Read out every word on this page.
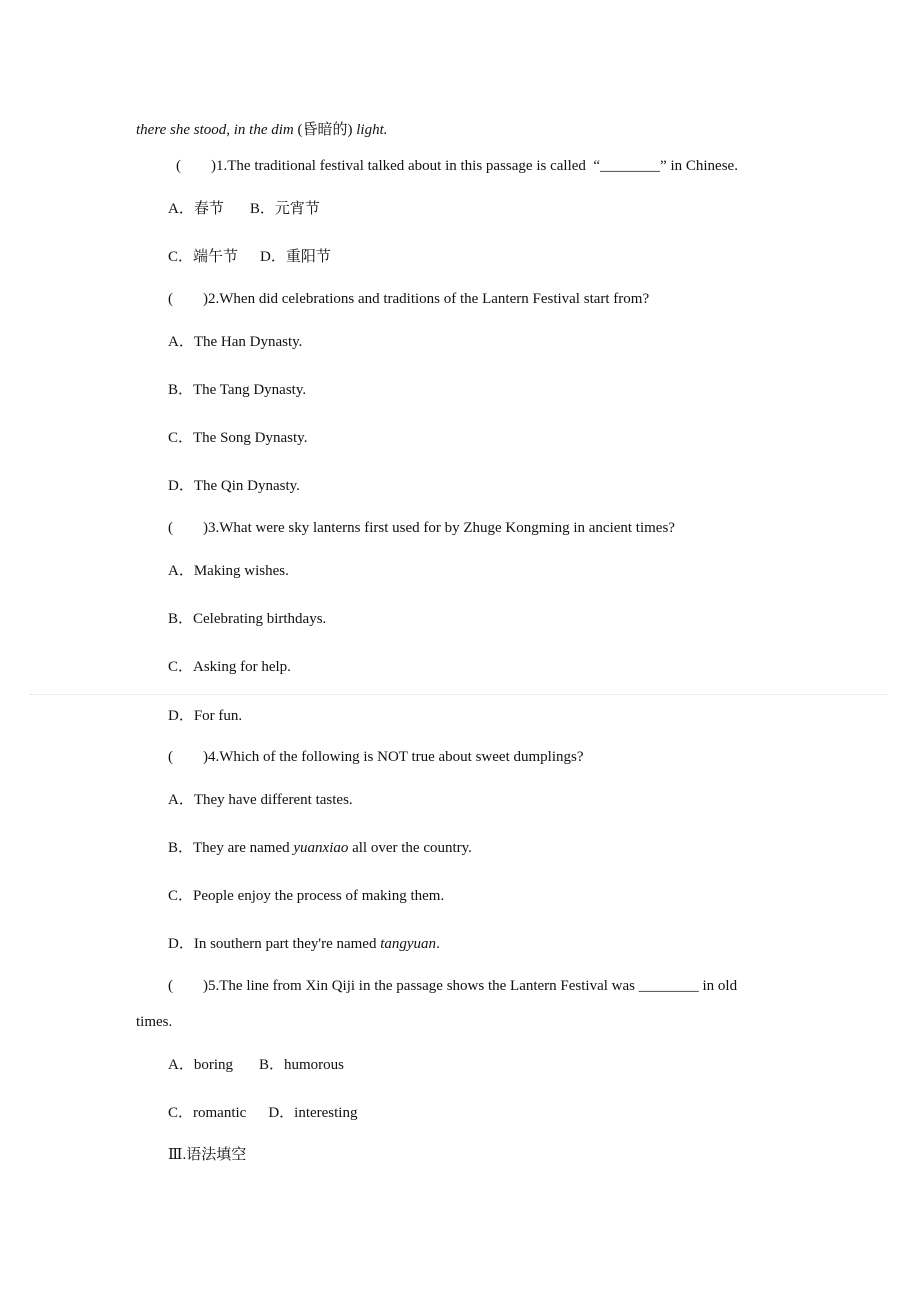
there she stood, in the dim (昏暗的) light.
(        )1.The traditional festival talked about in this passage is called  “________” in Chinese.
A．春节 B．元宵节
C．端午节 D．重阳节
(        )2.When did celebrations and traditions of the Lantern Festival start from?
A．The Han Dynasty.
B．The Tang Dynasty.
C．The Song Dynasty.
D．The Qin Dynasty.
(        )3.What were sky lanterns first used for by Zhuge Kongming in ancient times?
A．Making wishes.
B．Celebrating birthdays.
C．Asking for help.
D．For fun.
(        )4.Which of the following is NOT true about sweet dumplings?
A．They have different tastes.
B．They are named yuanxiao all over the country.
C．People enjoy the process of making them.
D．In southern part they're named tangyuan.
(        )5.The line from Xin Qiji in the passage shows the Lantern Festival was ________ in old
times.
A．boring B．humorous
C．romantic D．interesting
Ⅲ.语法填空
